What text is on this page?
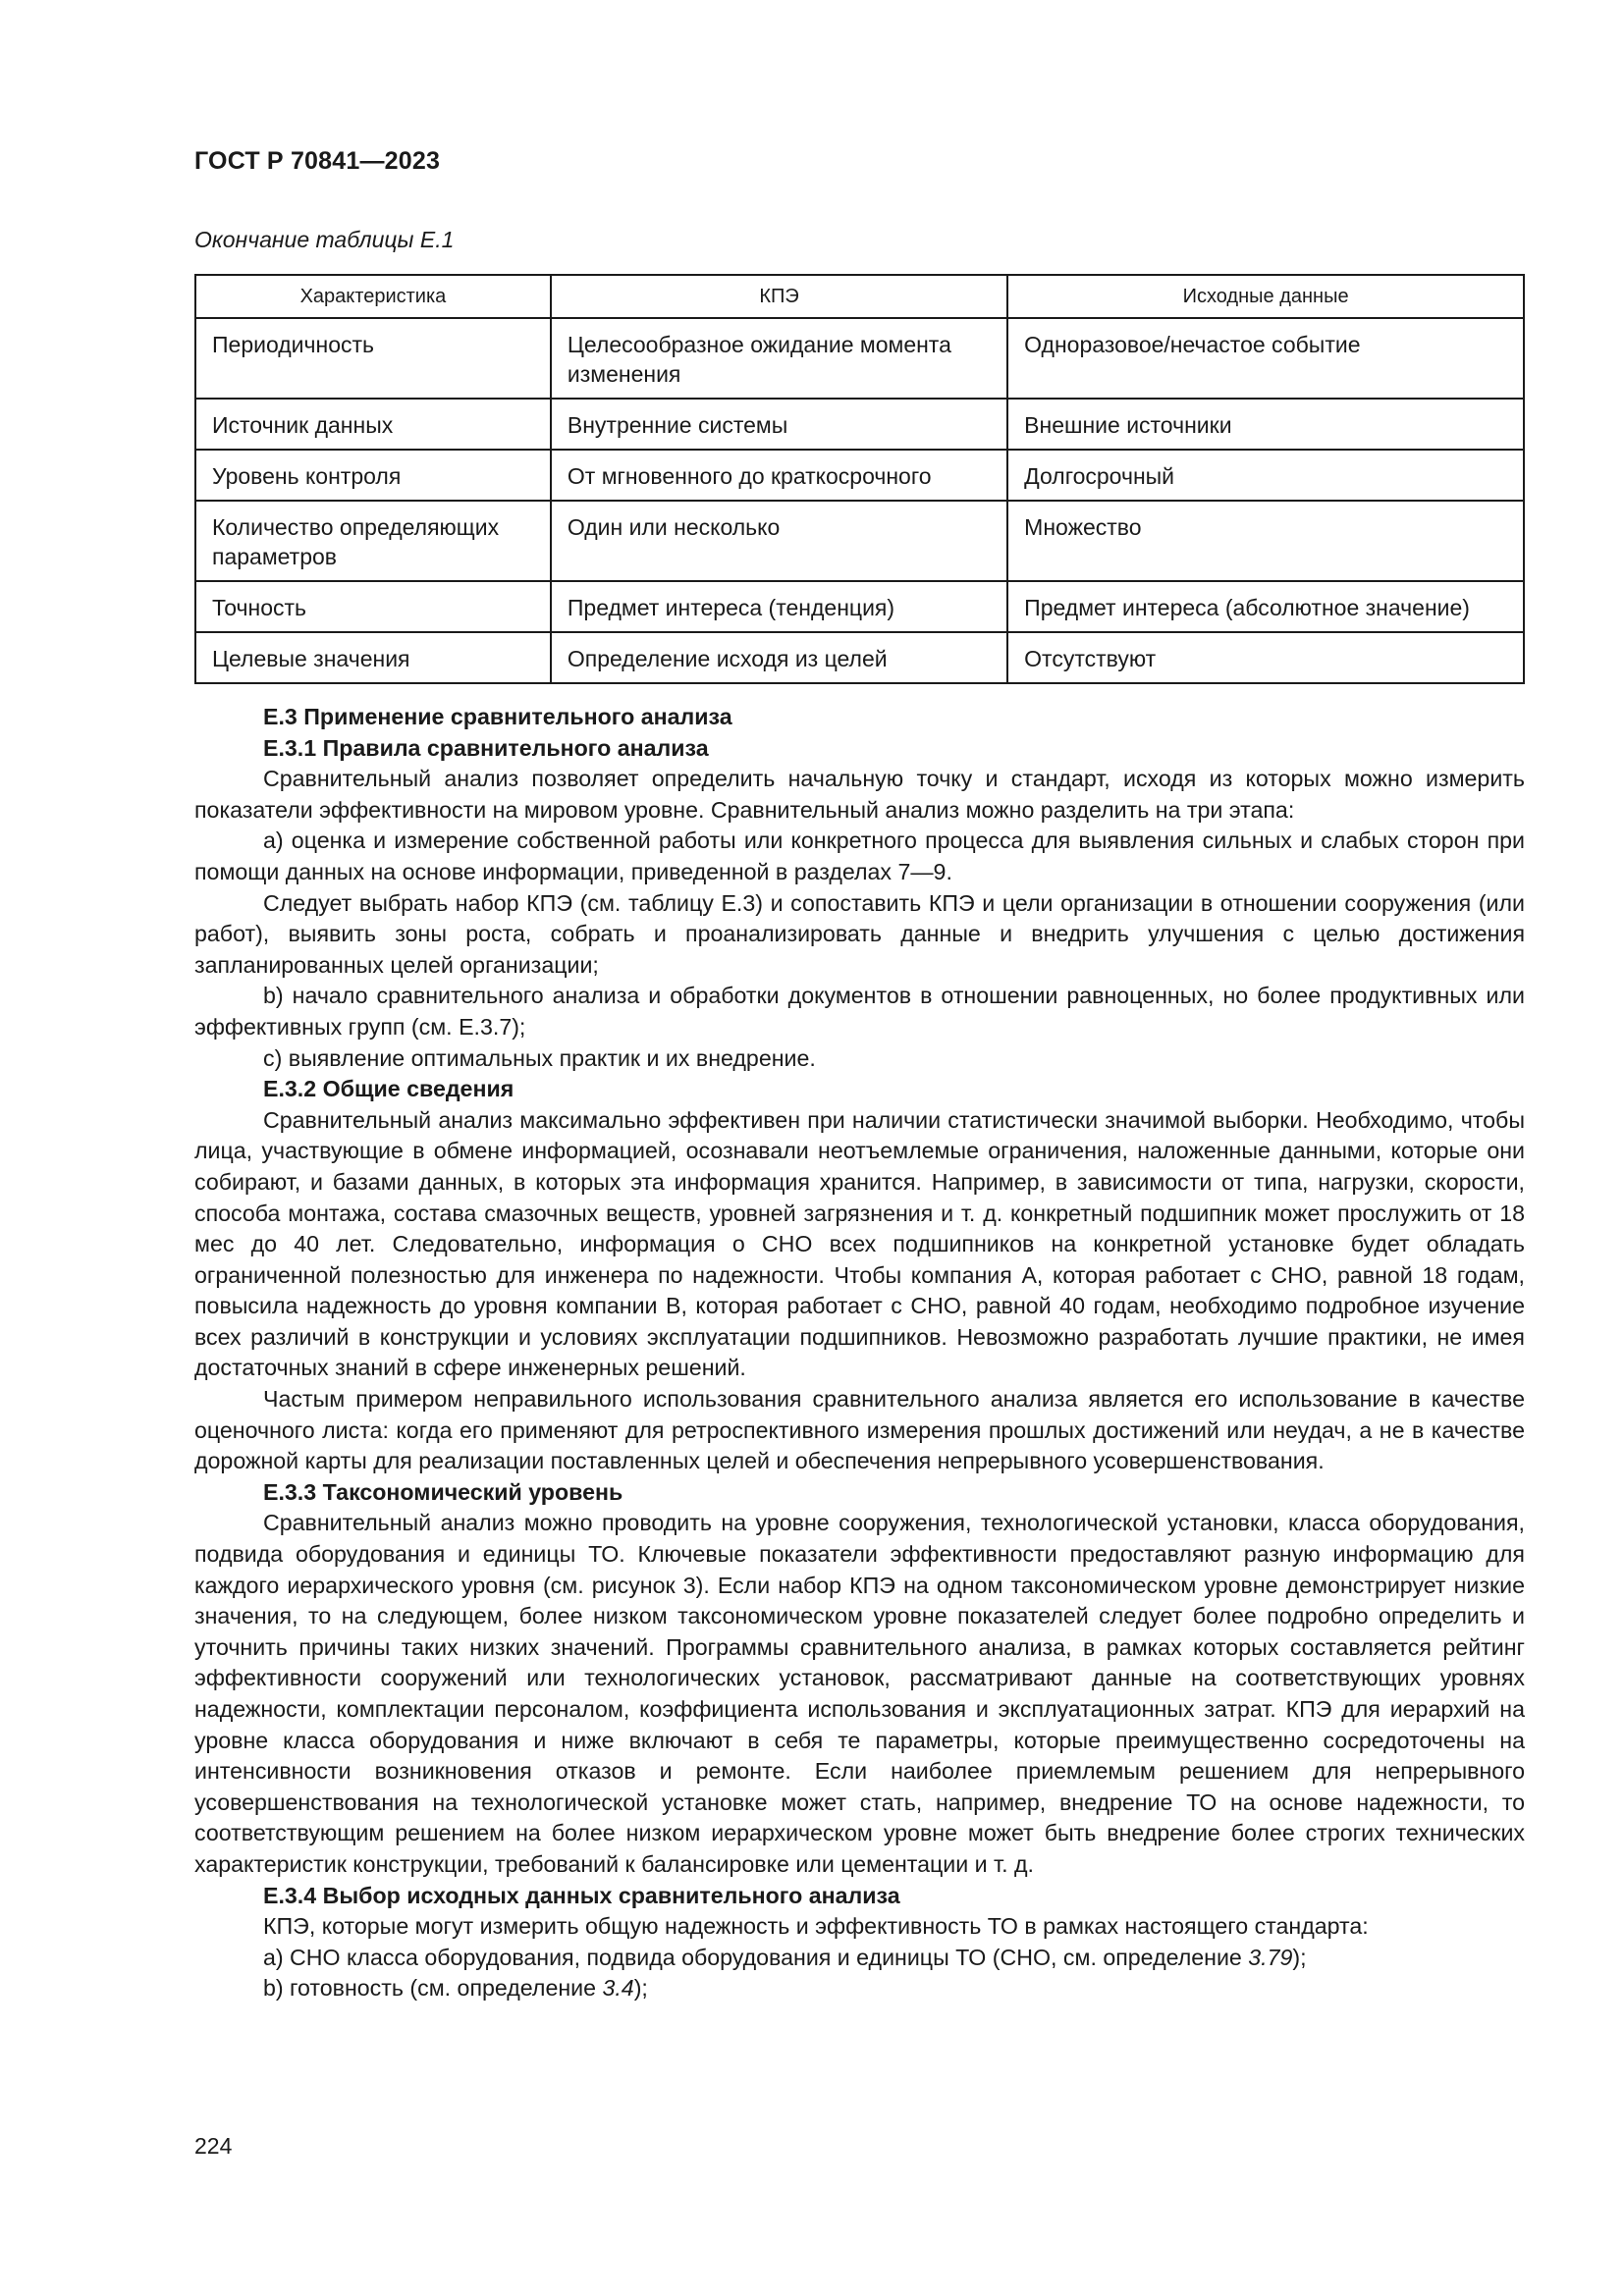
ГОСТ Р 70841—2023
Окончание таблицы Е.1
Характеристика	КПЭ	Исходные данные
Периодичность	Целесообразное ожидание момента изменения	Одноразовое/нечастое событие
Источник данных	Внутренние системы	Внешние источники
Уровень контроля	От мгновенного до краткосрочного	Долгосрочный
Количество определяющих параметров	Один или несколько	Множество
Точность	Предмет интереса (тенденция)	Предмет интереса (абсолютное значение)
Целевые значения	Определение исходя из целей	Отсутствуют

Е.3 Применение сравнительного анализа

Е.3.1 Правила сравнительного анализа

Сравнительный анализ позволяет определить начальную точку и стандарт, исходя из которых можно измерить показатели эффективности на мировом уровне. Сравнительный анализ можно разделить на три этапа:

а) оценка и измерение собственной работы или конкретного процесса для выявления сильных и слабых сторон при помощи данных на основе информации, приведенной в разделах 7—9.

Следует выбрать набор КПЭ (см. таблицу Е.3) и сопоставить КПЭ и цели организации в отношении сооружения (или работ), выявить зоны роста, собрать и проанализировать данные и внедрить улучшения с целью достижения запланированных целей организации;

b) начало сравнительного анализа и обработки документов в отношении равноценных, но более продуктивных или эффективных групп (см. Е.3.7);

c) выявление оптимальных практик и их внедрение.

Е.3.2 Общие сведения

Сравнительный анализ максимально эффективен при наличии статистически значимой выборки. Необходимо, чтобы лица, участвующие в обмене информацией, осознавали неотъемлемые ограничения, наложенные данными, которые они собирают, и базами данных, в которых эта информация хранится. Например, в зависимости от типа, нагрузки, скорости, способа монтажа, состава смазочных веществ, уровней загрязнения и т. д. конкретный подшипник может прослужить от 18 мес до 40 лет. Следовательно, информация о СНО всех подшипников на конкретной установке будет обладать ограниченной полезностью для инженера по надежности. Чтобы компания А, которая работает с СНО, равной 18 годам, повысила надежность до уровня компании В, которая работает с СНО, равной 40 годам, необходимо подробное изучение всех различий в конструкции и условиях эксплуатации подшипников. Невозможно разработать лучшие практики, не имея достаточных знаний в сфере инженерных решений.

Частым примером неправильного использования сравнительного анализа является его использование в качестве оценочного листа: когда его применяют для ретроспективного измерения прошлых достижений или неудач, а не в качестве дорожной карты для реализации поставленных целей и обеспечения непрерывного усовершенствования.

Е.3.3 Таксономический уровень

Сравнительный анализ можно проводить на уровне сооружения, технологической установки, класса оборудования, подвида оборудования и единицы ТО. Ключевые показатели эффективности предоставляют разную информацию для каждого иерархического уровня (см. рисунок 3). Если набор КПЭ на одном таксономическом уровне демонстрирует низкие значения, то на следующем, более низком таксономическом уровне показателей следует более подробно определить и уточнить причины таких низких значений. Программы сравнительного анализа, в рамках которых составляется рейтинг эффективности сооружений или технологических установок, рассматривают данные на соответствующих уровнях надежности, комплектации персоналом, коэффициента использования и эксплуатационных затрат. КПЭ для иерархий на уровне класса оборудования и ниже включают в себя те параметры, которые преимущественно сосредоточены на интенсивности возникновения отказов и ремонте. Если наиболее приемлемым решением для непрерывного усовершенствования на технологической установке может стать, например, внедрение ТО на основе надежности, то соответствующим решением на более низком иерархическом уровне может быть внедрение более строгих технических характеристик конструкции, требований к балансировке или цементации и т. д.

Е.3.4 Выбор исходных данных сравнительного анализа

КПЭ, которые могут измерить общую надежность и эффективность ТО в рамках настоящего стандарта:

а) СНО класса оборудования, подвида оборудования и единицы ТО (СНО, см. определение 3.79);

b) готовность (см. определение 3.4);

224
